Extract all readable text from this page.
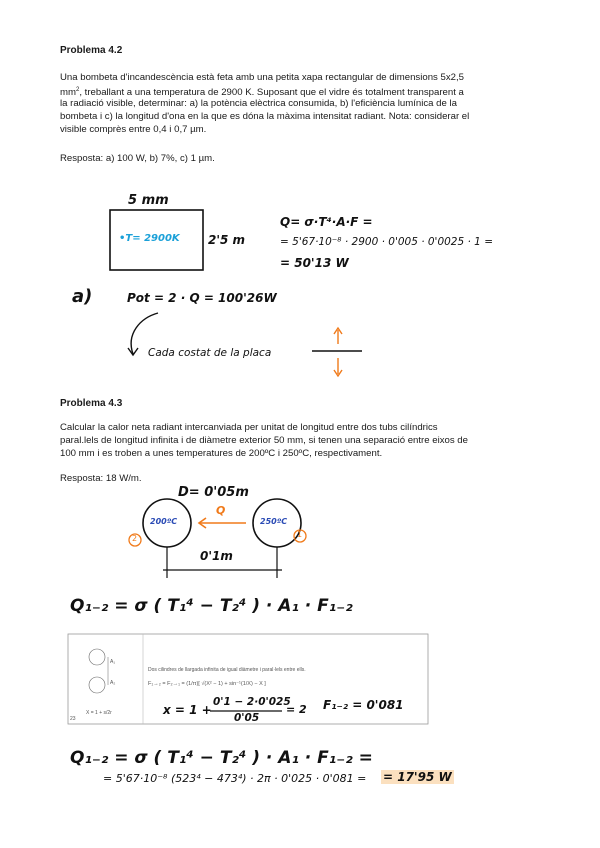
Problema 4.2
Una bombeta d'incandescència està feta amb una petita xapa rectangular de dimensions 5x2,5
$mm^2$, treballant a una temperatura de 2900 K. Suposant que el vidre és totalment transparent a
la radiació visible, determinar: a) la potència elèctrica consumida, b) l'eficiència lumínica de la
bombeta i c) la longitud d'ona en la que es dóna la màxima intensitat radiant. Nota: considerar el
visible comprès entre 0,4 i 0,7 µm.
Resposta: a) 100 W, b) 7%, c) 1 µm.
5 mm
•T= 2900K 2'5 m
Q= σ·T⁴·A·F =
= 5'67·10⁻⁸ · 2900 · 0'005 · 0'0025 · 1 =
= 50'13 W
a)	Pot = 2 · Q = 100'26W
Cada costat de la placa
Problema 4.3
Calcular la calor neta radiant intercanviada per unitat de longitud entre dos tubs cilíndrics
paral.lels de longitud infinita i de diàmetre exterior 50 mm, si tenen una separació entre eixos de
100 mm i es troben a unes temperatures de 200ºC i 250ºC, respectivament.
Resposta: 18 W/m.
D= 0'05m
200ºC	250ºC
Q
2	1
0'1m
Q₁₋₂ = σ ( T₁⁴ − T₂⁴ ) · A₁ · F₁₋₂
Dos cilindres de llargada infinita de igual diàmetre i paral·lels entre ells.
F₁→₂ = F₂→₁ = (1/π)[ √(X² − 1) + sin⁻¹(1/X) − X ]
X = 1 + s/2r
23
A₁
A₂
x = 1 +
0'1 − 2·0'025
0'05
= 2 F₁₋₂ = 0'081
Q₁₋₂ = σ ( T₁⁴ − T₂⁴ ) · A₁ · F₁₋₂ =
= 5'67·10⁻⁸ (523⁴ − 473⁴) · 2π · 0'025 · 0'081 = = 17'95 W
